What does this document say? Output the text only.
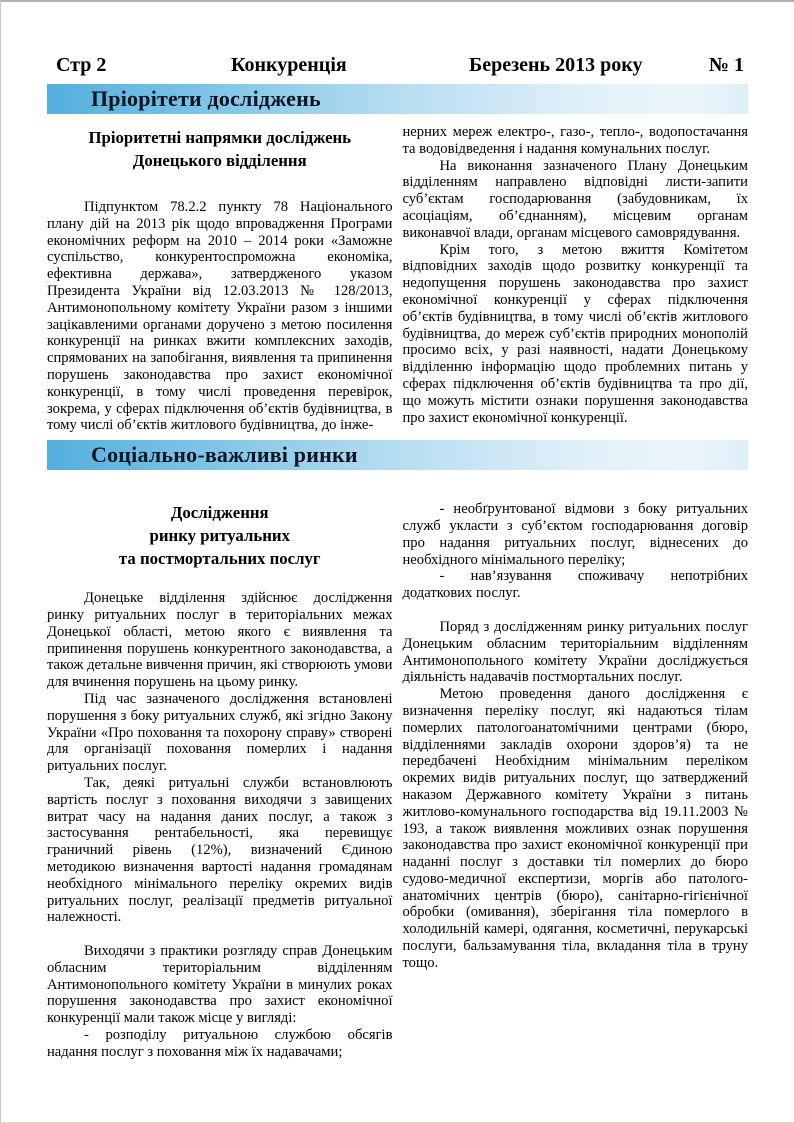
Стр 2	Конкуренція	Березень 2013 року	№ 1
Пріорітети досліджень
Пріоритетні напрямки досліджень
Донецького відділення

Підпунктом 78.2.2 пункту 78 Національного плану дій на 2013 рік щодо впровадження Програми економічних реформ на 2010 – 2014 роки «Заможне суспільство, конкурентоспроможна економіка, ефективна держава», затвердженого указом Президента України від 12.03.2013 № 128/2013, Антимонопольному комітету України разом з іншими зацікавленими органами доручено з метою посилення конкуренції на ринках вжити комплексних заходів, спрямованих на запобігання, виявлення та припинення порушень законодавства про захист економічної конкуренції, в тому числі проведення перевірок, зокрема, у сферах підключення об’єктів будівництва, в тому числі об’єктів житлового будівництва, до інже-

нерних мереж електро-, газо-, тепло-, водопостачання та водовідведення і надання комунальних послуг.

На виконання зазначеного Плану Донецьким відділенням направлено відповідні листи-запити суб’єктам господарювання (забудовникам, їх асоціаціям, об’єднанням), місцевим органам виконавчої влади, органам місцевого самоврядування.

Крім того, з метою вжиття Комітетом відповідних заходів щодо розвитку конкуренції та недопущення порушень законодавства про захист економічної конкуренції у сферах підключення об’єктів будівництва, в тому числі об’єктів житлового будівництва, до мереж суб’єктів природних монополій просимо всіх, у разі наявності, надати Донецькому відділенню інформацію щодо проблемних питань у сферах підключення об’єктів будівництва та про дії, що можуть містити ознаки порушення законодавства про захист економічної конкуренції.

Соціально-важливі ринки
Дослідження
ринку ритуальних
та постмортальних послуг

Донецьке відділення здійснює дослідження ринку ритуальних послуг в територіальних межах Донецької області, метою якого є виявлення та припинення порушень конкурентного законодавства, а також детальне вивчення причин, які створюють умови для вчинення порушень на цьому ринку.

Під час зазначеного дослідження встановлені порушення з боку ритуальних служб, які згідно Закону України «Про поховання та похорону справу» створені для організації поховання померлих і надання ритуальних послуг.

Так, деякі ритуальні служби встановлюють вартість послуг з поховання виходячи з завищених витрат часу на надання даних послуг, а також з застосування рентабельності, яка перевищує граничний рівень (12%), визначений Єдиною методикою визначення вартості надання громадянам необхідного мінімального переліку окремих видів ритуальних послуг, реалізації предметів ритуальної належності.

Виходячи з практики розгляду справ Донецьким обласним територіальним відділенням Антимонопольного комітету України в минулих роках порушення законодавства про захист економічної конкуренції мали також місце у вигляді:

- розподілу ритуальною службою обсягів надання послуг з поховання між їх надавачами;

- необґрунтованої відмови з боку ритуальних служб укласти з суб’єктом господарювання договір про надання ритуальних послуг, віднесених до необхідного мінімального переліку;

- нав’язування споживачу непотрібних додаткових послуг.

Поряд з дослідженням ринку ритуальних послуг Донецьким обласним територіальним відділенням Антимонопольного комітету України досліджується діяльність надавачів постмортальних послуг.

Метою проведення даного дослідження є визначення переліку послуг, які надаються тілам померлих патологоанатомічними центрами (бюро, відділеннями закладів охорони здоров’я) та не передбачені Необхідним мінімальним переліком окремих видів ритуальних послуг, що затверджений наказом Державного комітету України з питань житлово-комунального господарства від 19.11.2003 № 193, а також виявлення можливих ознак порушення законодавства про захист економічної конкуренції при наданні послуг з доставки тіл померлих до бюро судово-медичної експертизи, моргів або патолого-анатомічних центрів (бюро), санітарно-гігієнічної обробки (омивання), зберігання тіла померлого в холодильній камері, одягання, косметичні, перукарські послуги, бальзамування тіла, вкладання тіла в труну тощо.
